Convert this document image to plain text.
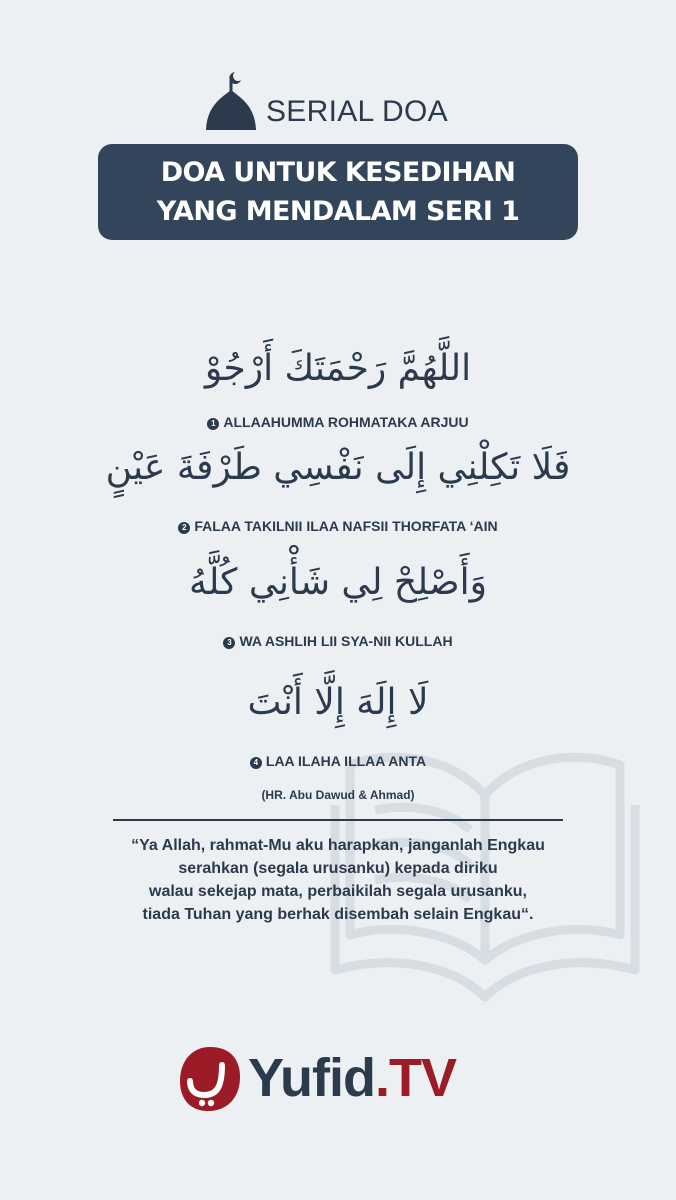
SERIAL DOA
DOA UNTUK KESEDIHAN
YANG MENDALAM SERI 1
اللَّهُمَّ رَحْمَتَكَ أَرْجُوْ
1 ALLAAHUMMA ROHMATAKA ARJUU
فَلَا تَكِلْنِي إِلَى نَفْسِي طَرْفَةَ عَيْنٍ
2 FALAA TAKILNII ILAA NAFSII THORFATA ‘AIN
وَأَصْلِحْ لِي شَأْنِي كُلَّهُ
3 WA ASHLIH LII SYA-NII KULLAH
لَا إِلَهَ إِلَّا أَنْتَ
4 LAA ILAHA ILLAA ANTA
(HR. Abu Dawud & Ahmad)
“Ya Allah, rahmat-Mu aku harapkan, janganlah Engkau
serahkan (segala urusanku) kepada diriku
walau sekejap mata, perbaikilah segala urusanku,
tiada Tuhan yang berhak disembah selain Engkau“.
Yufid.TV
